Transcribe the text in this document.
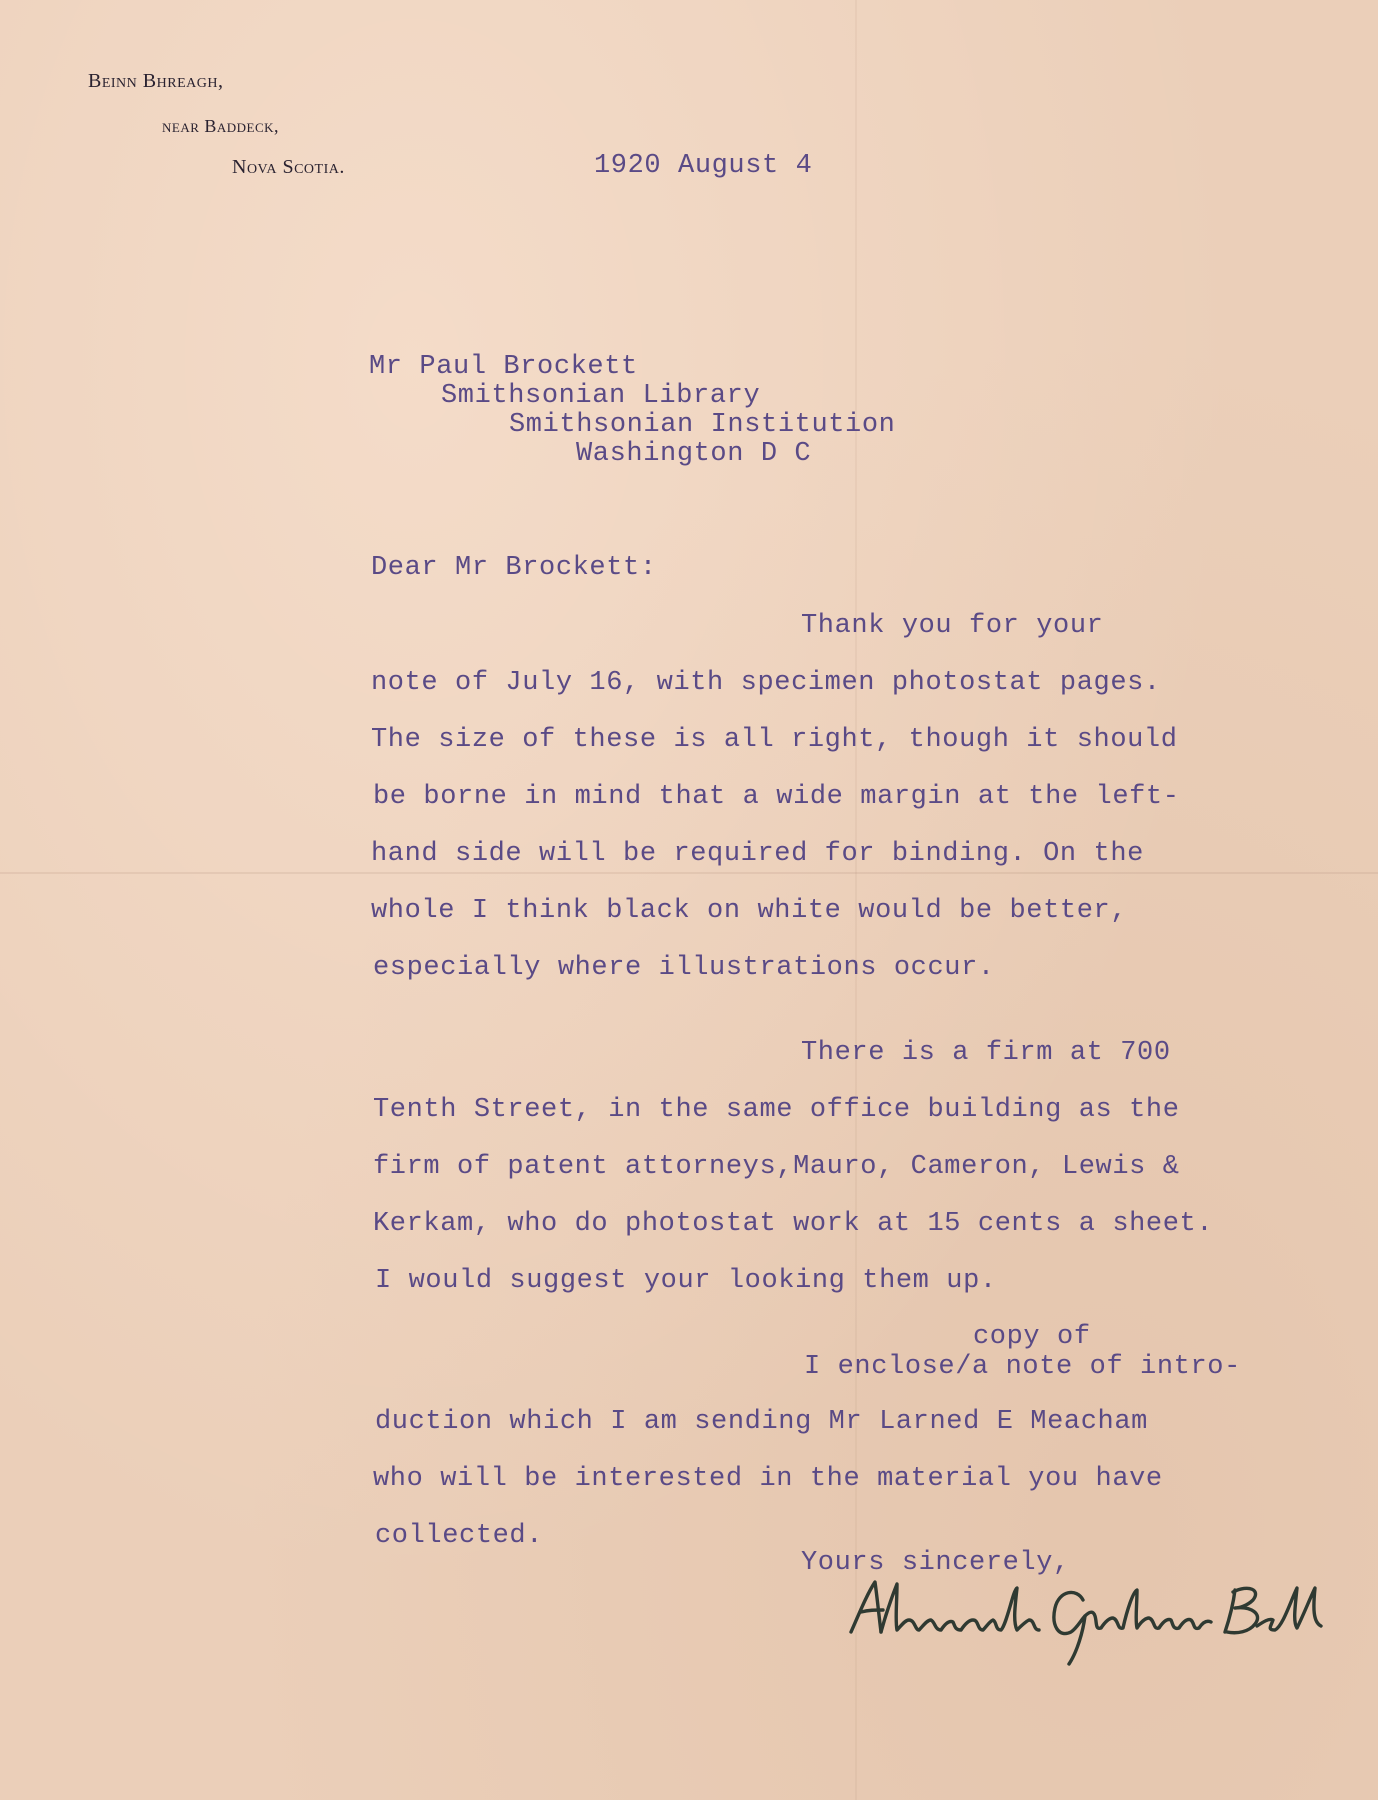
Beinn Bhreagh,
near Baddeck,
Nova Scotia.	1920 August 4
Mr Paul Brockett
Smithsonian Library
Smithsonian Institution
Washington D C
Dear Mr Brockett:
Thank you for your
note of July 16, with specimen photostat pages.
The size of these is all right, though it should
be borne in mind that a wide margin at the left-
hand side will be required for binding. On the
whole I think black on white would be better,
especially where illustrations occur.
There is a firm at 700
Tenth Street, in the same office building as the
firm of patent attorneys,Mauro, Cameron, Lewis &
Kerkam, who do photostat work at 15 cents a sheet.
I would suggest your looking them up.
copy of
I enclose/a note of intro-
duction which I am sending Mr Larned E Meacham
who will be interested in the material you have
collected.
Yours sincerely,
